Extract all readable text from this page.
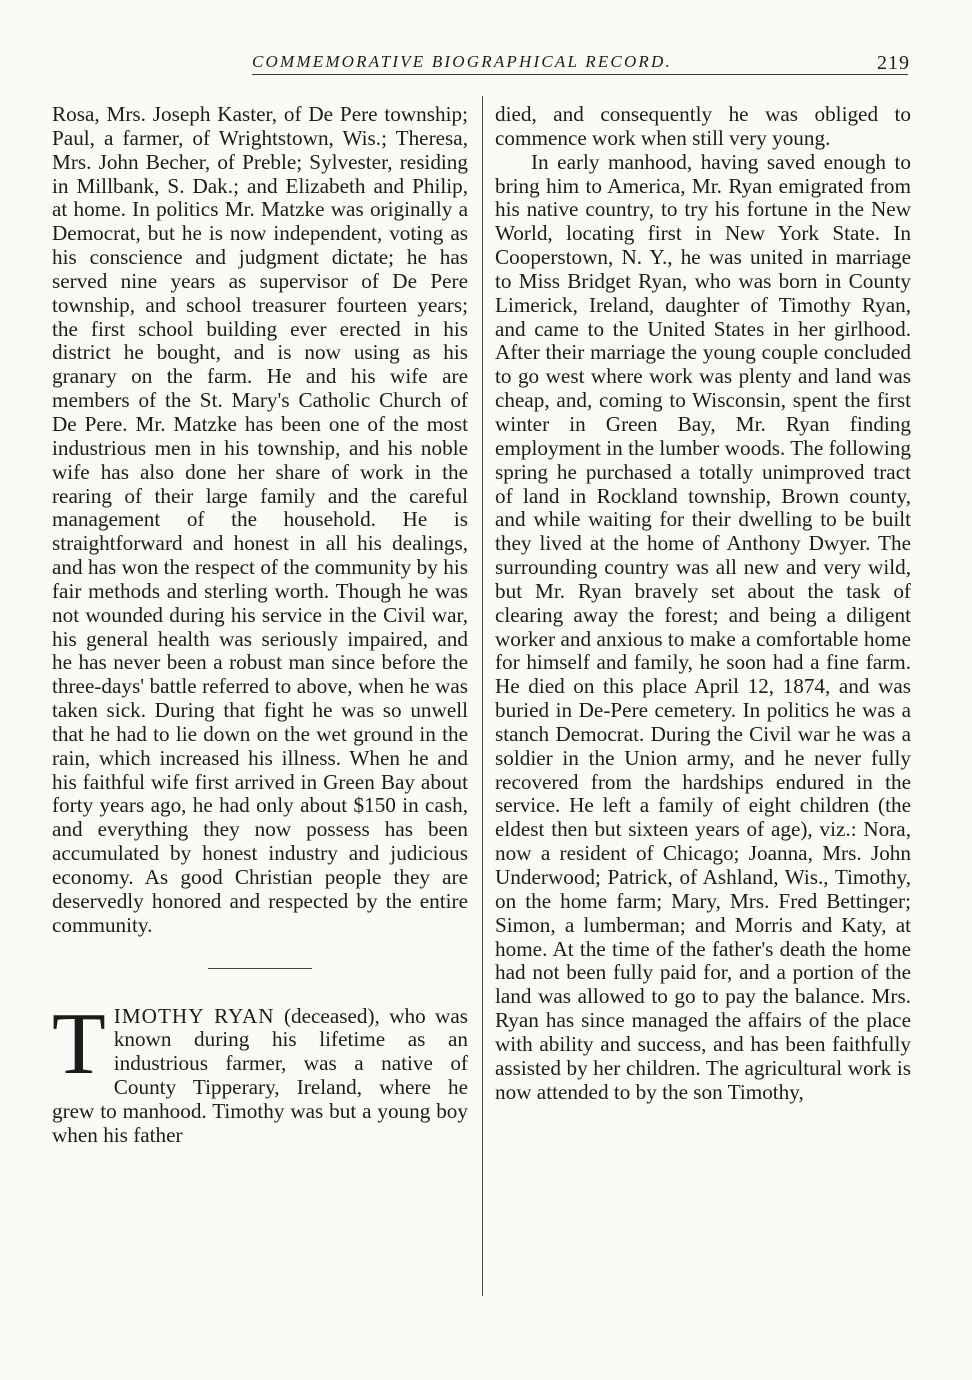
COMMEMORATIVE BIOGRAPHICAL RECORD.	219

Rosa, Mrs. Joseph Kaster, of De Pere township; Paul, a farmer, of Wrightstown, Wis.; Theresa, Mrs. John Becher, of Preble; Sylvester, residing in Millbank, S. Dak.; and Elizabeth and Philip, at home. In politics Mr. Matzke was originally a Democrat, but he is now independent, voting as his conscience and judgment dictate; he has served nine years as supervisor of De Pere township, and school treasurer fourteen years; the first school building ever erected in his district he bought, and is now using as his granary on the farm. He and his wife are members of the St. Mary's Catholic Church of De Pere. Mr. Matzke has been one of the most industrious men in his township, and his noble wife has also done her share of work in the rearing of their large family and the careful management of the household. He is straightforward and honest in all his dealings, and has won the respect of the community by his fair methods and sterling worth. Though he was not wounded during his service in the Civil war, his general health was seriously impaired, and he has never been a robust man since before the three-days' battle referred to above, when he was taken sick. During that fight he was so unwell that he had to lie down on the wet ground in the rain, which increased his illness. When he and his faithful wife first arrived in Green Bay about forty years ago, he had only about $150 in cash, and everything they now possess has been accumulated by honest industry and judicious economy. As good Christian people they are deservedly honored and respected by the entire community.

TIMOTHY RYAN (deceased), who was known during his lifetime as an industrious farmer, was a native of County Tipperary, Ireland, where he grew to manhood. Timothy was but a young boy when his father

died, and consequently he was obliged to commence work when still very young.

In early manhood, having saved enough to bring him to America, Mr. Ryan emigrated from his native country, to try his fortune in the New World, locating first in New York State. In Cooperstown, N. Y., he was united in marriage to Miss Bridget Ryan, who was born in County Limerick, Ireland, daughter of Timothy Ryan, and came to the United States in her girlhood. After their marriage the young couple concluded to go west where work was plenty and land was cheap, and, coming to Wisconsin, spent the first winter in Green Bay, Mr. Ryan finding employment in the lumber woods. The following spring he purchased a totally unimproved tract of land in Rockland township, Brown county, and while waiting for their dwelling to be built they lived at the home of Anthony Dwyer. The surrounding country was all new and very wild, but Mr. Ryan bravely set about the task of clearing away the forest; and being a diligent worker and anxious to make a comfortable home for himself and family, he soon had a fine farm. He died on this place April 12, 1874, and was buried in De-Pere cemetery. In politics he was a stanch Democrat. During the Civil war he was a soldier in the Union army, and he never fully recovered from the hardships endured in the service. He left a family of eight children (the eldest then but sixteen years of age), viz.: Nora, now a resident of Chicago; Joanna, Mrs. John Underwood; Patrick, of Ashland, Wis., Timothy, on the home farm; Mary, Mrs. Fred Bettinger; Simon, a lumberman; and Morris and Katy, at home. At the time of the father's death the home had not been fully paid for, and a portion of the land was allowed to go to pay the balance. Mrs. Ryan has since managed the affairs of the place with ability and success, and has been faithfully assisted by her children. The agricultural work is now attended to by the son Timothy,
